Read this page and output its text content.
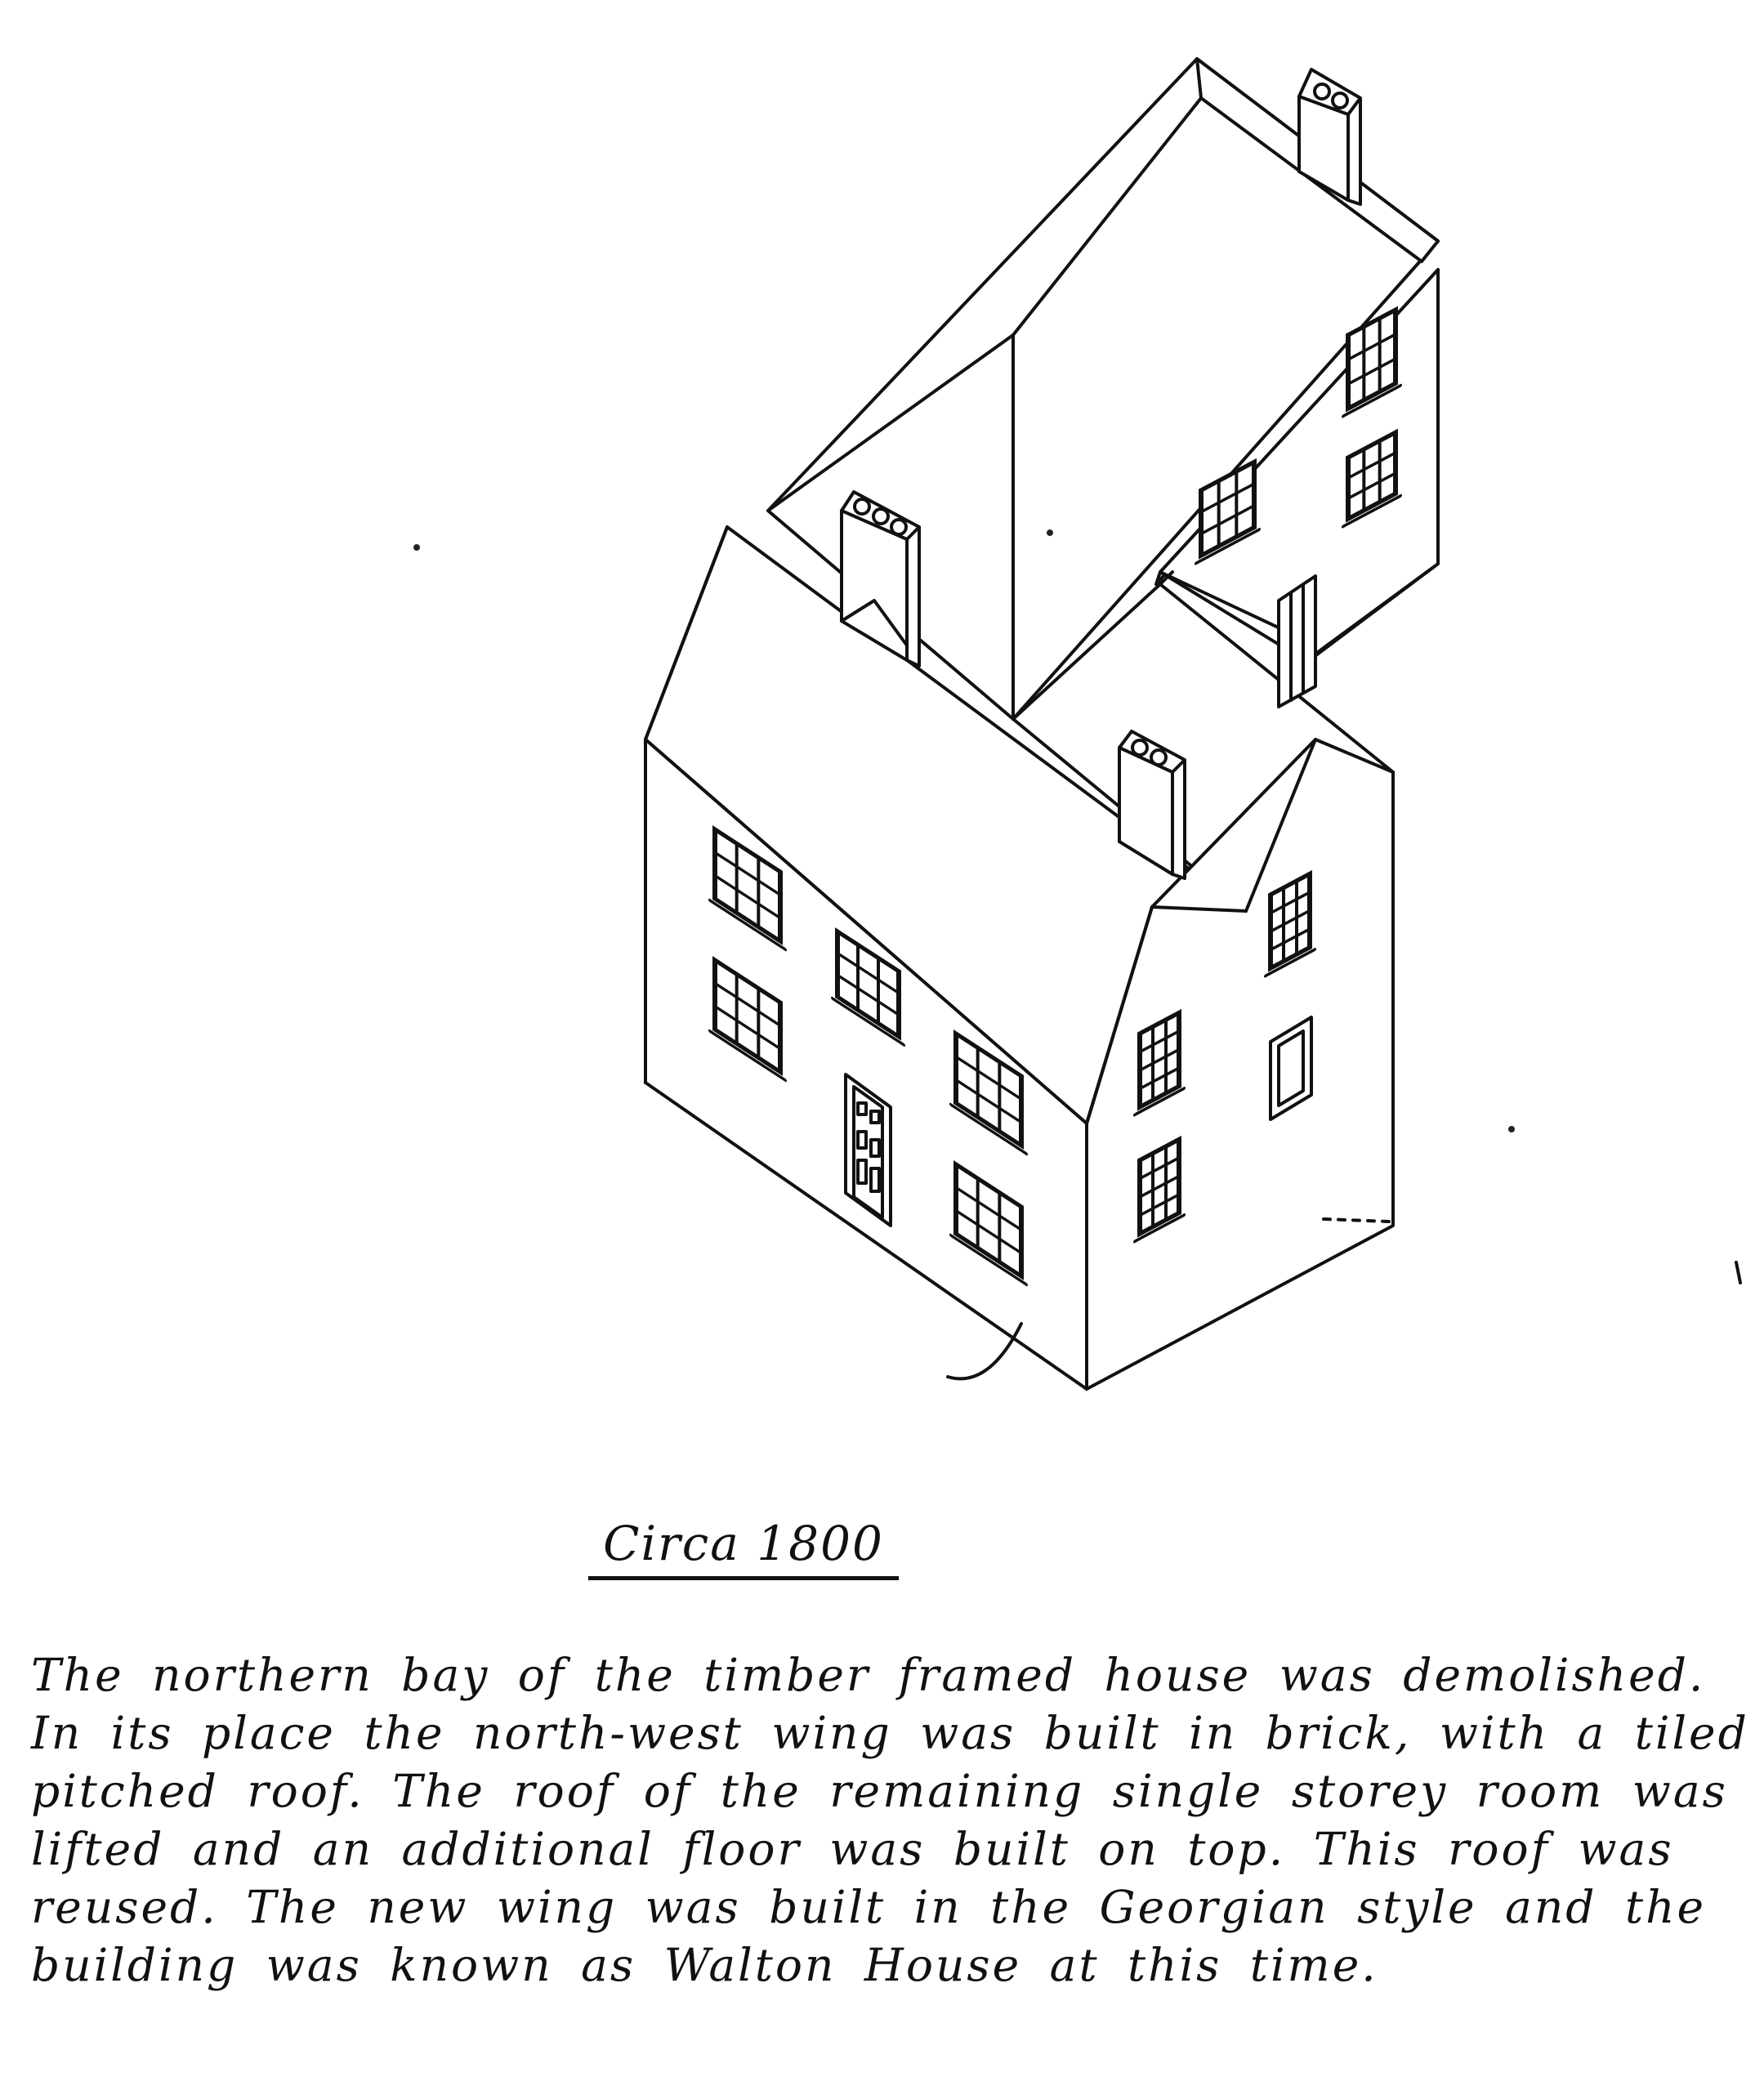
Circa 1800
The northern bay of the timber framed house was demolished.
In its place the north-west wing was built in brick, with a tiled
pitched roof. The roof of the remaining single storey room was
lifted and an additional floor was built on top. This roof was
reused. The new wing was built in the Georgian style and the
building was known as Walton House at this time.
